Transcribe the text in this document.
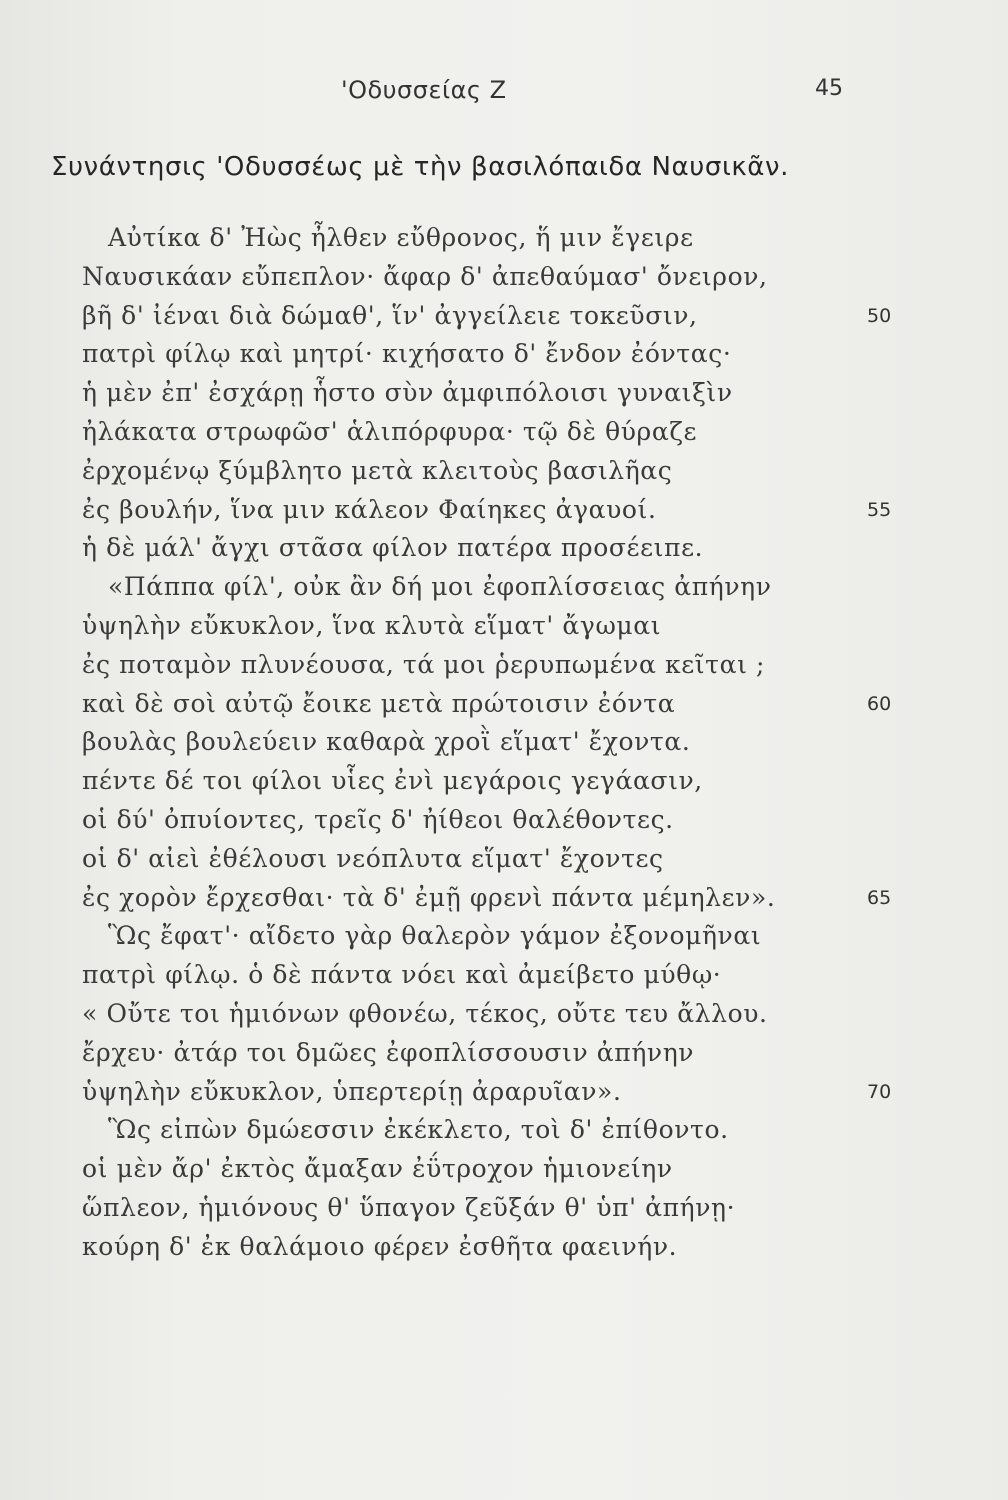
'Οδυσσείας Ζ	45
Συνάντησις 'Οδυσσέως μὲ τὴν βασιλόπαιδα Ναυσικᾶν.
Αὐτίκα δ' Ἠὼς ἦλθεν εὔθρονος, ἥ μιν ἔγειρε
Ναυσικάαν εὔπεπλον· ἄφαρ δ' ἀπεθαύμασ' ὄνειρον,
βῆ δ' ἰέναι διὰ δώμαθ', ἵν' ἀγγείλειε τοκεῦσιν,	50
πατρὶ φίλῳ καὶ μητρί· κιχήσατο δ' ἔνδον ἐόντας·
ἡ μὲν ἐπ' ἐσχάρῃ ἧστο σὺν ἀμφιπόλοισι γυναιξὶν
ἠλάκατα στρωφῶσ' ἁλιπόρφυρα· τῷ δὲ θύραζε
ἐρχομένῳ ξύμβλητο μετὰ κλειτοὺς βασιλῆας
ἐς βουλήν, ἵνα μιν κάλεον Φαίηκες ἀγαυοί.	55
ἡ δὲ μάλ' ἄγχι στᾶσα φίλον πατέρα προσέειπε.
«Πάππα φίλ', οὐκ ἂν δή μοι ἐφοπλίσσειας ἀπήνην
ὑψηλὴν εὔκυκλον, ἵνα κλυτὰ εἵματ' ἄγωμαι
ἐς ποταμὸν πλυνέουσα, τά μοι ῥερυπωμένα κεῖται ;
καὶ δὲ σοὶ αὐτῷ ἔοικε μετὰ πρώτοισιν ἐόντα	60
βουλὰς βουλεύειν καθαρὰ χροῒ εἵματ' ἔχοντα.
πέντε δέ τοι φίλοι υἷες ἐνὶ μεγάροις γεγάασιν,
οἱ δύ' ὀπυίοντες, τρεῖς δ' ἠίθεοι θαλέθοντες.
οἱ δ' αἰεὶ ἐθέλουσι νεόπλυτα εἵματ' ἔχοντες
ἐς χορὸν ἔρχεσθαι· τὰ δ' ἐμῇ φρενὶ πάντα μέμηλεν».	65
Ὣς ἔφατ'· αἴδετο γὰρ θαλερὸν γάμον ἐξονομῆναι
πατρὶ φίλῳ. ὁ δὲ πάντα νόει καὶ ἀμείβετο μύθῳ·
« Οὔτε τοι ἡμιόνων φθονέω, τέκος, οὔτε τευ ἄλλου.
ἔρχευ· ἀτάρ τοι δμῶες ἐφοπλίσσουσιν ἀπήνην
ὑψηλὴν εὔκυκλον, ὑπερτερίῃ ἀραρυῖαν».	70
Ὣς εἰπὼν δμώεσσιν ἐκέκλετο, τοὶ δ' ἐπίθοντο.
οἱ μὲν ἄρ' ἐκτὸς ἄμαξαν ἐΰτροχον ἡμιονείην
ὥπλεον, ἡμιόνους θ' ὕπαγον ζεῦξάν θ' ὑπ' ἀπήνῃ·
κούρη δ' ἐκ θαλάμοιο φέρεν ἐσθῆτα φαεινήν.
